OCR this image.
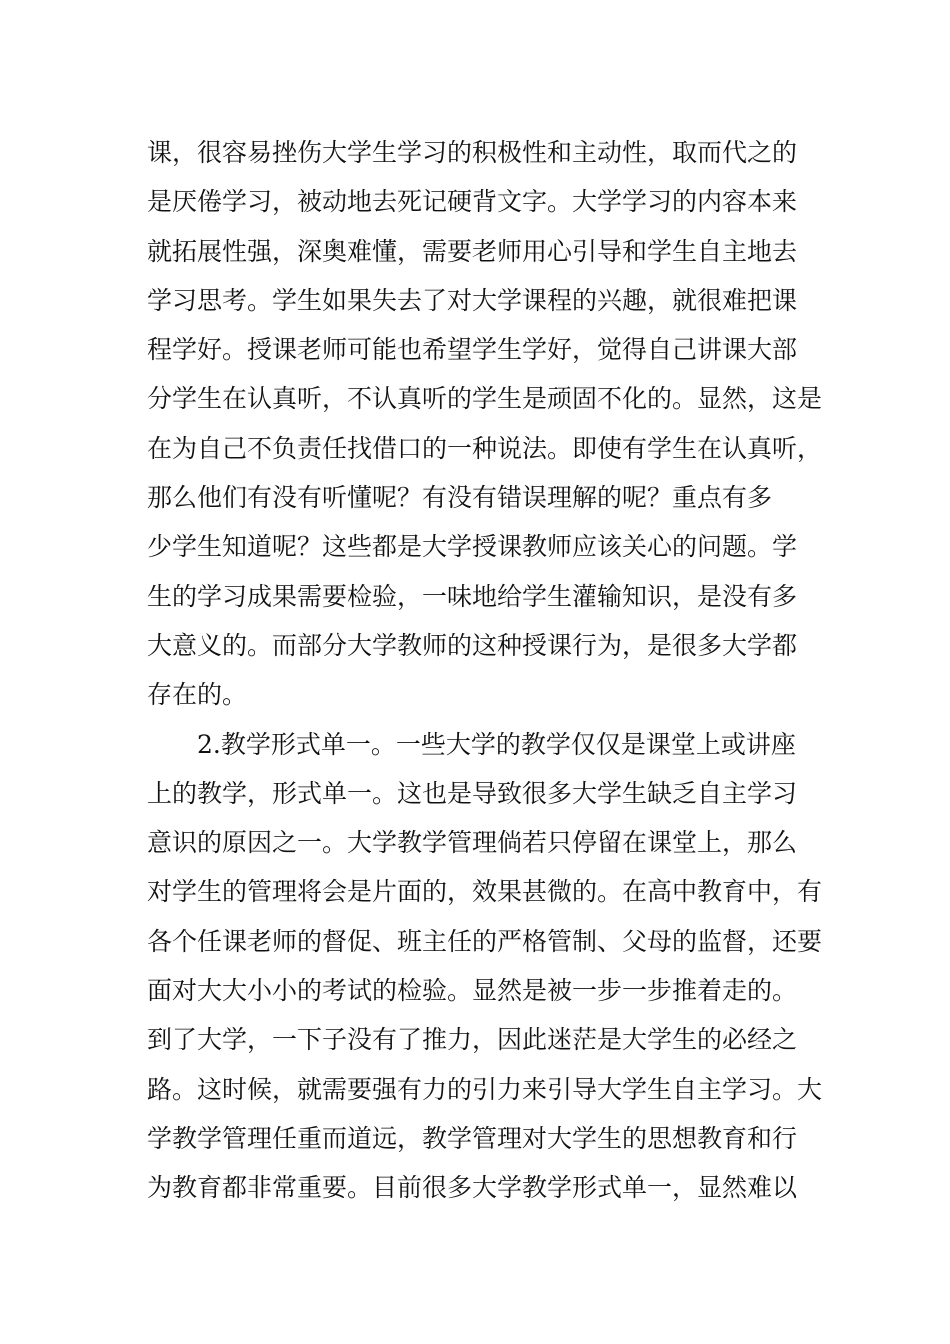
课，很容易挫伤大学生学习的积极性和主动性，取而代之的
是厌倦学习，被动地去死记硬背文字。大学学习的内容本来
就拓展性强，深奥难懂，需要老师用心引导和学生自主地去
学习思考。学生如果失去了对大学课程的兴趣，就很难把课
程学好。授课老师可能也希望学生学好，觉得自己讲课大部
分学生在认真听，不认真听的学生是顽固不化的。显然，这是
在为自己不负责任找借口的一种说法。即使有学生在认真听，
那么他们有没有听懂呢？有没有错误理解的呢？重点有多
少学生知道呢？这些都是大学授课教师应该关心的问题。学
生的学习成果需要检验，一味地给学生灌输知识，是没有多
大意义的。而部分大学教师的这种授课行为，是很多大学都
存在的。
2.教学形式单一。一些大学的教学仅仅是课堂上或讲座
上的教学，形式单一。这也是导致很多大学生缺乏自主学习
意识的原因之一。大学教学管理倘若只停留在课堂上，那么
对学生的管理将会是片面的，效果甚微的。在高中教育中，有
各个任课老师的督促、班主任的严格管制、父母的监督，还要
面对大大小小的考试的检验。显然是被一步一步推着走的。
到了大学，一下子没有了推力，因此迷茫是大学生的必经之
路。这时候，就需要强有力的引力来引导大学生自主学习。大
学教学管理任重而道远，教学管理对大学生的思想教育和行
为教育都非常重要。目前很多大学教学形式单一，显然难以
